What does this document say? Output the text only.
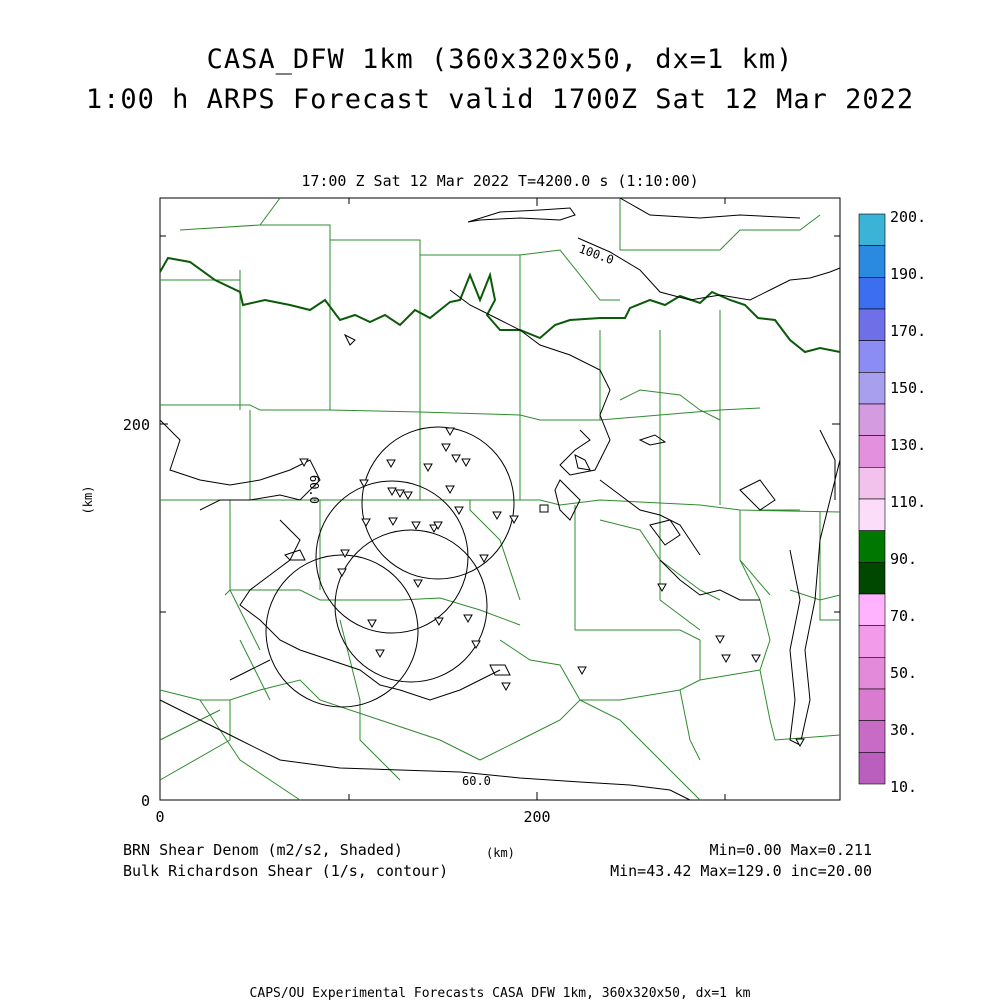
CASA_DFW 1km (360x320x50, dx=1 km)
1:00 h ARPS Forecast valid 1700Z Sat 12 Mar 2022
17:00 Z Sat 12 Mar 2022 T=4200.0 s (1:10:00)
100.0
60.0
60.0
0	200
0
200
(km)
200.
190.
170.
150.
130.
110.
90.
70.
50.
30.
10.
BRN Shear Denom (m2/s2, Shaded)
Bulk Richardson Shear (1/s, contour)
(km)	Min=0.00 Max=0.211
Min=43.42 Max=129.0 inc=20.00
CAPS/OU Experimental Forecasts CASA DFW 1km, 360x320x50, dx=1 km
